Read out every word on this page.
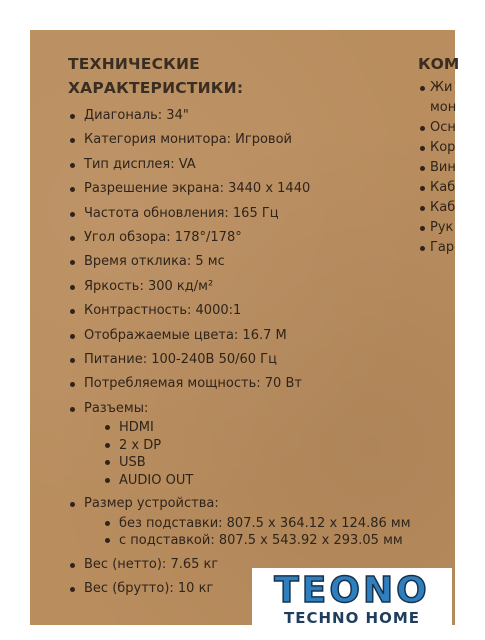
ТЕХНИЧЕСКИЕ
ХАРАКТЕРИСТИКИ:
Диагональ: 34"
Категория монитора: Игровой
Тип дисплея: VA
Разрешение экрана: 3440 x 1440
Частота обновления: 165 Гц
Угол обзора: 178°/178°
Время отклика: 5 мс
Яркость: 300 кд/м²
Контрастность: 4000:1
Отображаемые цвета: 16.7 M
Питание: 100-240В 50/60 Гц
Потребляемая мощность: 70 Вт
Разъемы:
HDMI
2 x DP
USB
AUDIO OUT
Размер устройства:
без подставки: 807.5 x 364.12 x 124.86 мм
с подставкой: 807.5 x 543.92 x 293.05 мм
Вес (нетто): 7.65 кг
Вес (брутто): 10 кг
КОМ
Жи
мон
Осн
Кор
Вин
Каб
Каб
Рук
Гар
TEONO
TECHNO HOME
